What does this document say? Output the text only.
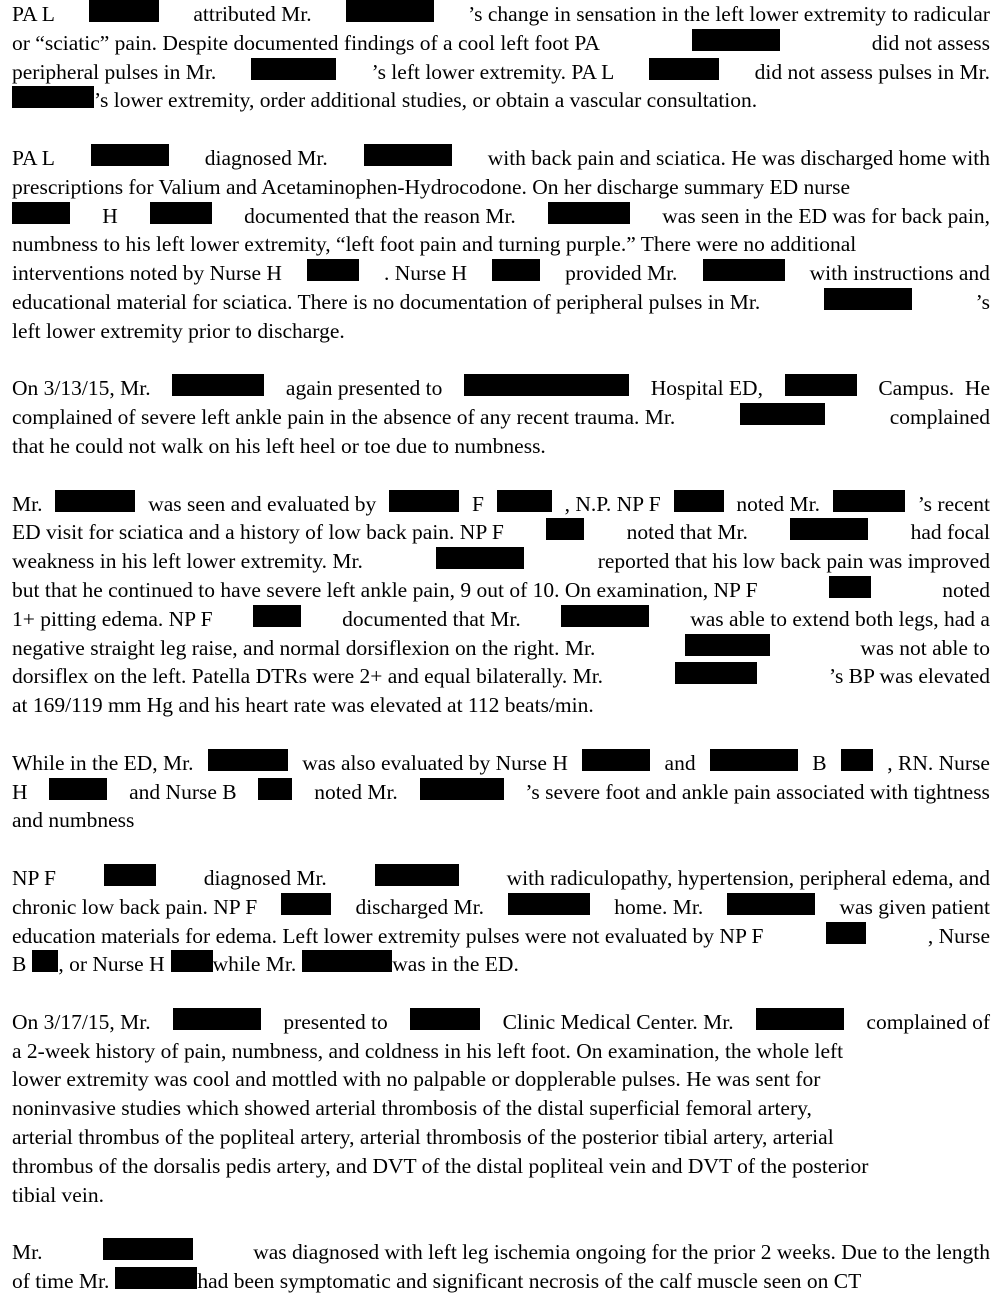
PA L	attributed Mr.	’s change in sensation in the left lower extremity to radicular
or “sciatic” pain. Despite documented findings of a cool left foot PA	did not assess
peripheral pulses in Mr.	’s left lower extremity. PA L	did not assess pulses in Mr.
’s lower extremity, order additional studies, or obtain a vascular consultation.
PA L	diagnosed Mr.	with back pain and sciatica. He was discharged home with
prescriptions for Valium and Acetaminophen-Hydrocodone. On her discharge summary ED nurse
H	documented that the reason Mr.	was seen in the ED was for back pain,
numbness to his left lower extremity, “left foot pain and turning purple.” There were no additional
interventions noted by Nurse H	. Nurse H	provided Mr.	with instructions and
educational material for sciatica. There is no documentation of peripheral pulses in Mr.	’s
left lower extremity prior to discharge.
On 3/13/15, Mr.	again presented to	Hospital ED,	Campus.  He
complained of severe left ankle pain in the absence of any recent trauma. Mr.	complained
that he could not walk on his left heel or toe due to numbness.
Mr.	was seen and evaluated by	F	, N.P. NP F	noted Mr.	’s recent
ED visit for sciatica and a history of low back pain. NP F	noted that Mr.	had focal
weakness in his left lower extremity. Mr.	reported that his low back pain was improved
but that he continued to have severe left ankle pain, 9 out of 10. On examination, NP F	noted
1+ pitting edema. NP F	documented that Mr.	was able to extend both legs, had a
negative straight leg raise, and normal dorsiflexion on the right. Mr.	was not able to
dorsiflex on the left. Patella DTRs were 2+ and equal bilaterally. Mr.	’s BP was elevated
at 169/119 mm Hg and his heart rate was elevated at 112 beats/min.
While in the ED, Mr.	was also evaluated by Nurse H	and	B	, RN. Nurse
H	and Nurse B	noted Mr.	’s severe foot and ankle pain associated with tightness
and numbness
NP F	diagnosed Mr.	with radiculopathy, hypertension, peripheral edema, and
chronic low back pain. NP F	discharged Mr.	home. Mr.	was given patient
education materials for edema. Left lower extremity pulses were not evaluated by NP F	, Nurse
B , or Nurse H while Mr.	was in the ED.
On 3/17/15, Mr.	presented to	Clinic Medical Center. Mr.	complained of
a 2-week history of pain, numbness, and coldness in his left foot. On examination, the whole left
lower extremity was cool and mottled with no palpable or dopplerable pulses. He was sent for
noninvasive studies which showed arterial thrombosis of the distal superficial femoral artery,
arterial thrombus of the popliteal artery, arterial thrombosis of the posterior tibial artery, arterial
thrombus of the dorsalis pedis artery, and DVT of the distal popliteal vein and DVT of the posterior
tibial vein.
Mr.	was diagnosed with left leg ischemia ongoing for the prior 2 weeks. Due to the length
of time Mr.	had been symptomatic and significant necrosis of the calf muscle seen on CT
